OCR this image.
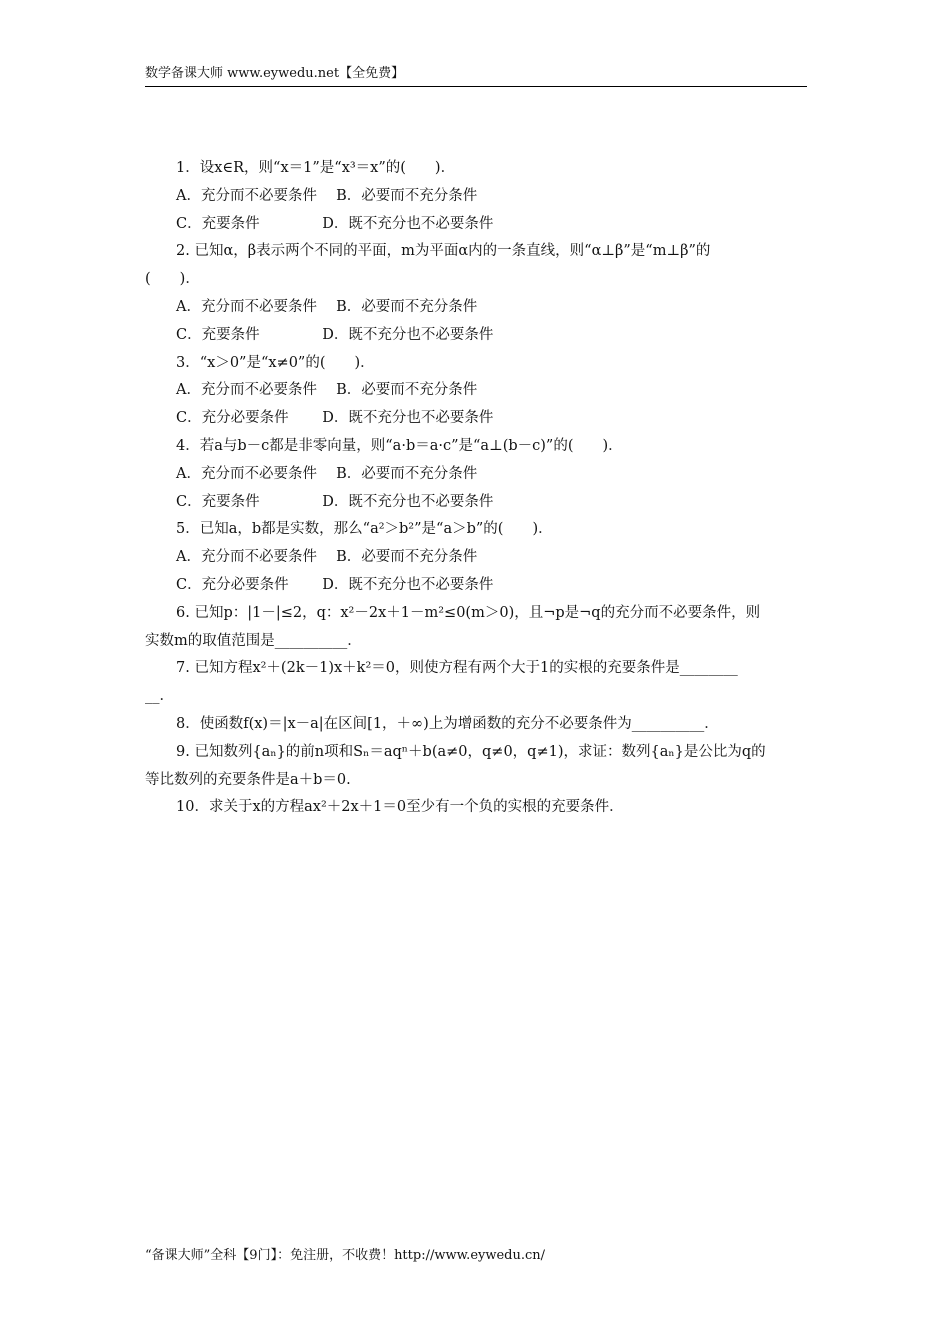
数学备课大师 www.eywedu.net【全免费】
1．设x∈R，则“x＝1”是“x³＝x”的(　　)．
A．充分而不必要条件　 B．必要而不充分条件
C．充要条件　　　　 D．既不充分也不必要条件
2. 已知α，β表示两个不同的平面，m为平面α内的一条直线，则“α⊥β”是“m⊥β”的
(　　)．
A．充分而不必要条件　 B．必要而不充分条件
C．充要条件　　　　 D．既不充分也不必要条件
3．“x＞0”是“x≠0”的(　　)．
A．充分而不必要条件　 B．必要而不充分条件
C．充分必要条件　　 D．既不充分也不必要条件
4．若a与b－c都是非零向量，则“a·b＝a·c”是“a⊥(b－c)”的(　　)．
A．充分而不必要条件　 B．必要而不充分条件
C．充要条件　　　　 D．既不充分也不必要条件
5．已知a，b都是实数，那么“a²＞b²”是“a＞b”的(　　)．
A．充分而不必要条件　 B．必要而不充分条件
C．充分必要条件　　 D．既不充分也不必要条件
6. 已知p：|1－|≤2，q：x²－2x＋1－m²≤0(m＞0)，且¬p是¬q的充分而不必要条件，则
实数m的取值范围是__________．
7. 已知方程x²＋(2k－1)x＋k²＝0，则使方程有两个大于1的实根的充要条件是________
__．
8．使函数f(x)＝|x－a|在区间[1，＋∞)上为增函数的充分不必要条件为__________．
9. 已知数列{aₙ}的前n项和Sₙ＝aqⁿ＋b(a≠0，q≠0，q≠1)，求证：数列{aₙ}是公比为q的
等比数列的充要条件是a＋b＝0.
10．求关于x的方程ax²＋2x＋1＝0至少有一个负的实根的充要条件．
“备课大师”全科【9门】：免注册，不收费！http://www.eywedu.cn/
